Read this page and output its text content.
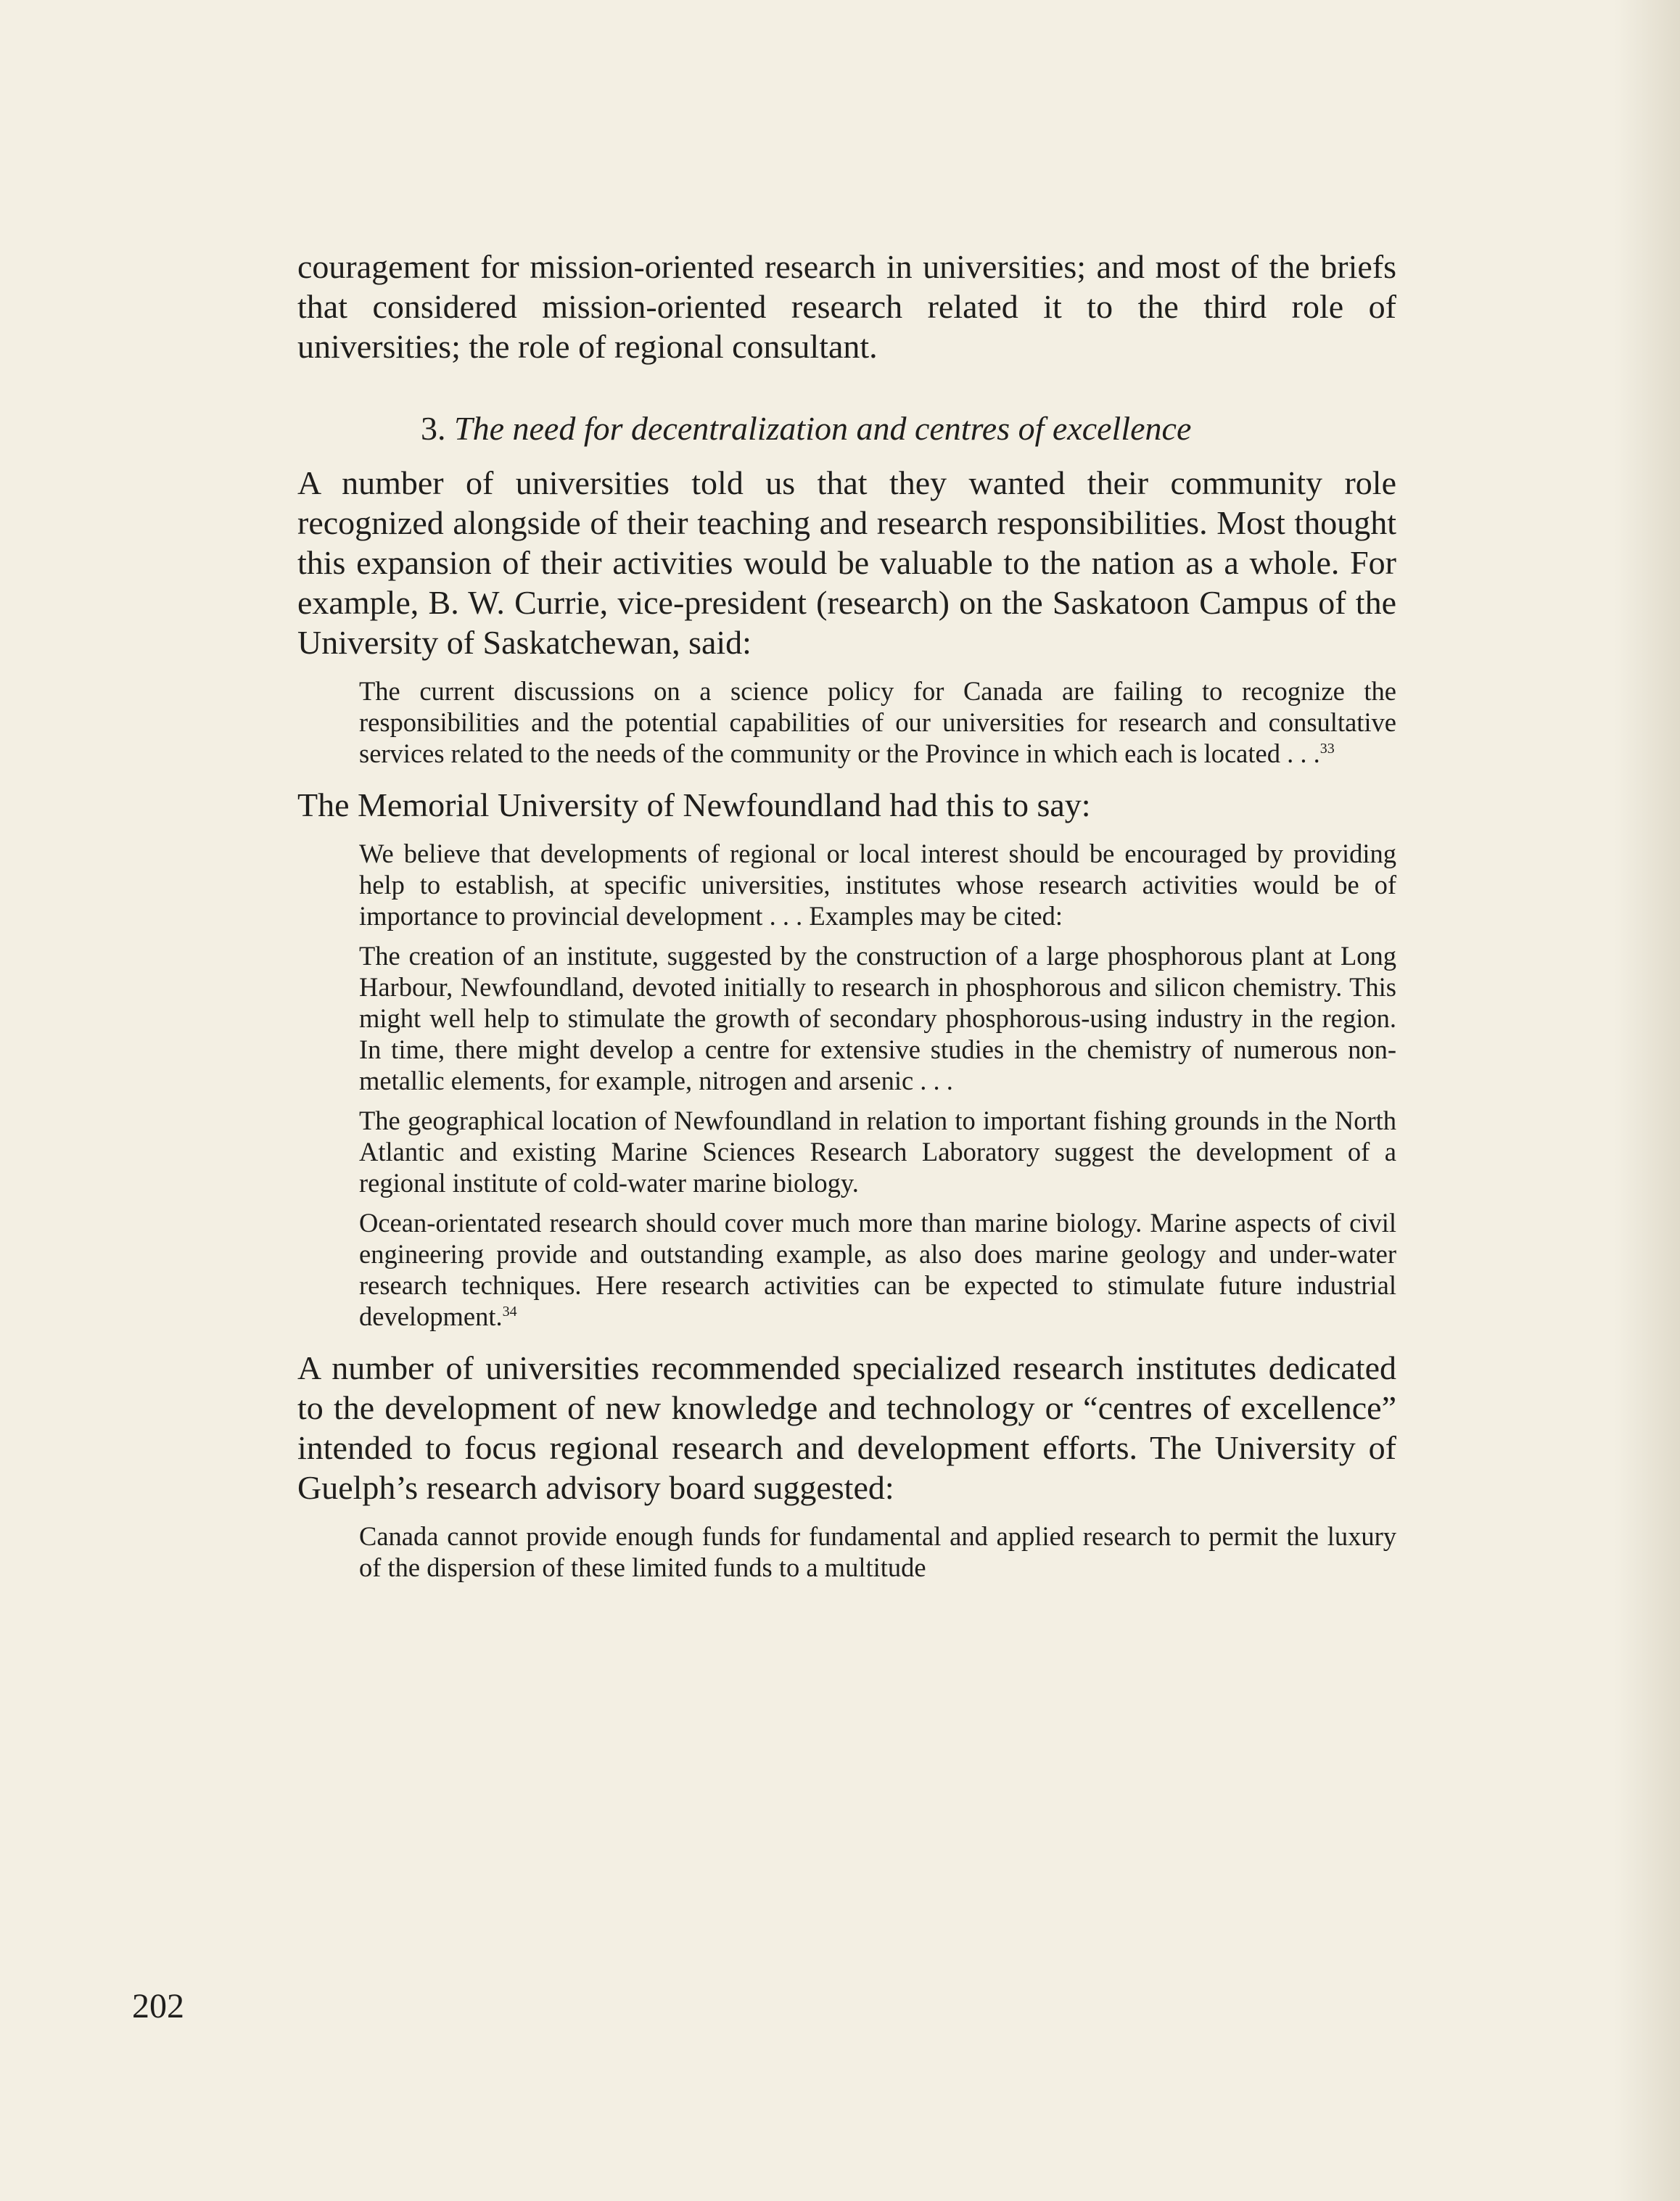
couragement for mission-oriented research in universities; and most of the briefs that considered mission-oriented research related it to the third role of universities; the role of regional consultant.

3. The need for decentralization and centres of excellence

A number of universities told us that they wanted their community role recognized alongside of their teaching and research responsibilities. Most thought this expansion of their activities would be valuable to the nation as a whole. For example, B. W. Currie, vice-president (research) on the Saskatoon Campus of the University of Saskatchewan, said:

The current discussions on a science policy for Canada are failing to recognize the responsibilities and the potential capabilities of our universities for research and consultative services related to the needs of the community or the Province in which each is located . . .$^{33}$

The Memorial University of Newfoundland had this to say:

We believe that developments of regional or local interest should be encouraged by providing help to establish, at specific universities, institutes whose research activities would be of importance to provincial development . . . Examples may be cited:

The creation of an institute, suggested by the construction of a large phosphorous plant at Long Harbour, Newfoundland, devoted initially to research in phosphorous and silicon chemistry. This might well help to stimulate the growth of secondary phosphorous-using industry in the region. In time, there might develop a centre for extensive studies in the chemistry of numerous non-metallic elements, for example, nitrogen and arsenic . . .

The geographical location of Newfoundland in relation to important fishing grounds in the North Atlantic and existing Marine Sciences Research Laboratory suggest the development of a regional institute of cold-water marine biology.

Ocean-orientated research should cover much more than marine biology. Marine aspects of civil engineering provide and outstanding example, as also does marine geology and under-water research techniques. Here research activities can be expected to stimulate future industrial development.$^{34}$

A number of universities recommended specialized research institutes dedicated to the development of new knowledge and technology or “centres of excellence” intended to focus regional research and development efforts. The University of Guelph’s research advisory board suggested:

Canada cannot provide enough funds for fundamental and applied research to permit the luxury of the dispersion of these limited funds to a multitude

202
